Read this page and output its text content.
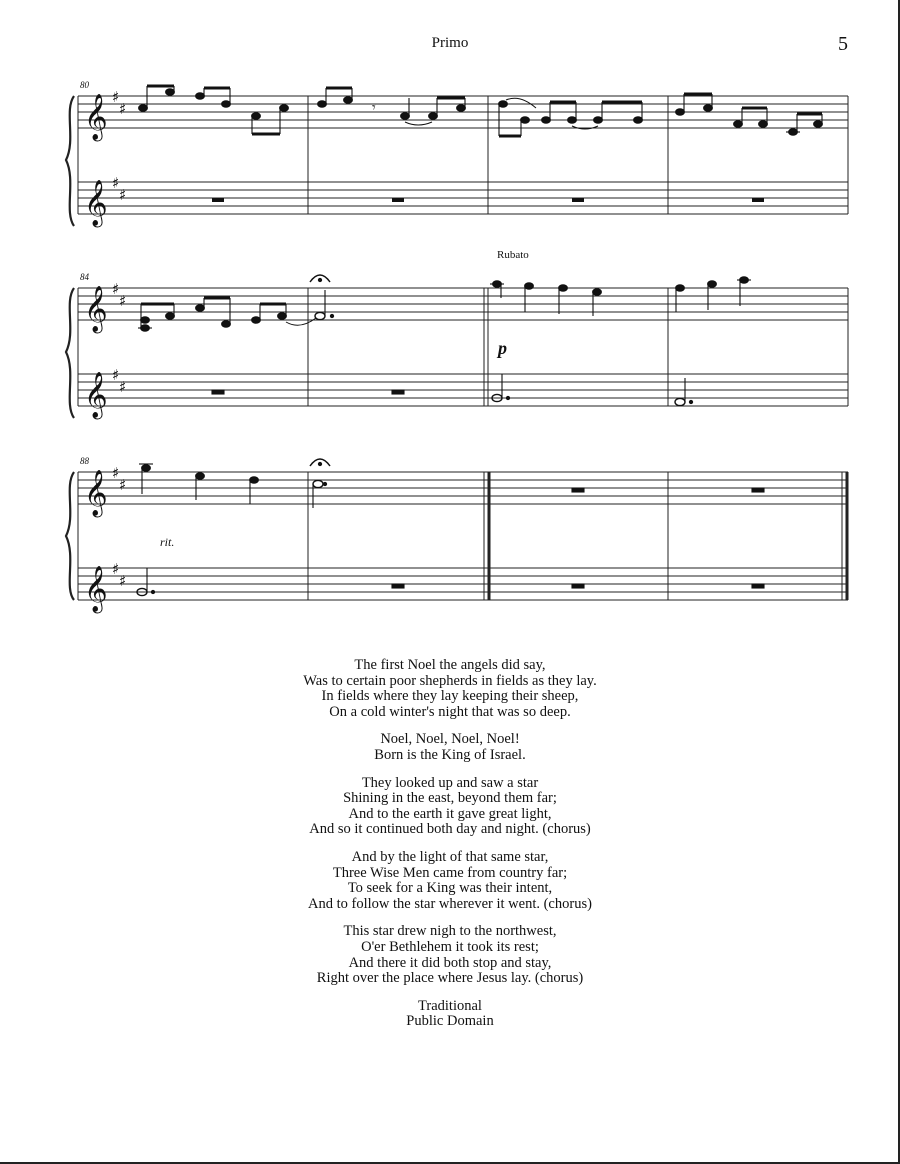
Primo	5
𝄞
𝄞
♯
♯
♯
♯
80
𝄾
𝄞
𝄞
♯
♯
♯
♯
84
Rubato
p
𝄞
𝄞
♯
♯
♯
♯
88
rit.
The first Noel the angels did say,
Was to certain poor shepherds in fields as they lay.
In fields where they lay keeping their sheep,
On a cold winter's night that was so deep.
Noel, Noel, Noel, Noel!
Born is the King of Israel.
They looked up and saw a star
Shining in the east, beyond them far;
And to the earth it gave great light,
And so it continued both day and night. (chorus)
And by the light of that same star,
Three Wise Men came from country far;
To seek for a King was their intent,
And to follow the star wherever it went. (chorus)
This star drew nigh to the northwest,
O'er Bethlehem it took its rest;
And there it did both stop and stay,
Right over the place where Jesus lay. (chorus)
Traditional
Public Domain
